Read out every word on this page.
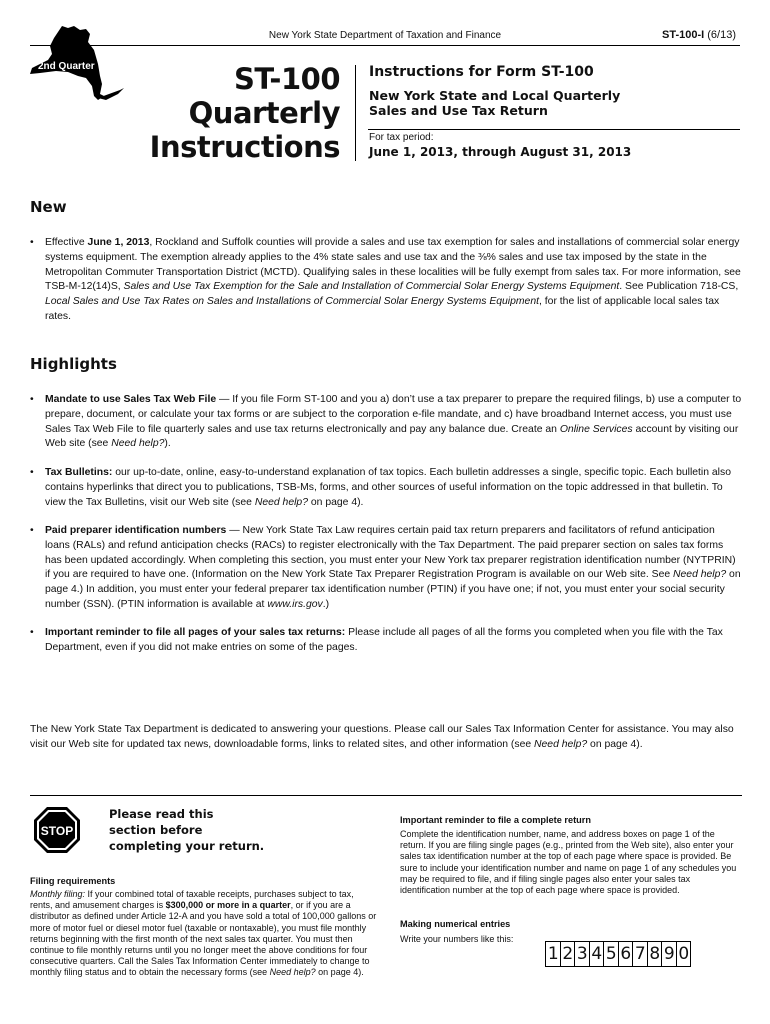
New York State Department of Taxation and Finance	ST-100-I (6/13)
2nd Quarter	ST-100
Quarterly
Instructions
Instructions for Form ST-100
New York State and Local Quarterly
Sales and Use Tax Return
For tax period:
June 1, 2013, through August 31, 2013
New
• Effective June 1, 2013, Rockland and Suffolk counties will provide a sales and use tax exemption for sales and installations of commercial solar energy systems equipment. The exemption already applies to the 4% state sales and use tax and the ⅜% sales and use tax imposed by the state in the Metropolitan Commuter Transportation District (MCTD). Qualifying sales in these localities will be fully exempt from sales tax. For more information, see TSB-M-12(14)S, Sales and Use Tax Exemption for the Sale and Installation of Commercial Solar Energy Systems Equipment. See Publication 718-CS, Local Sales and Use Tax Rates on Sales and Installations of Commercial Solar Energy Systems Equipment, for the list of applicable local sales tax rates.
Highlights
• Mandate to use Sales Tax Web File — If you file Form ST-100 and you a) don’t use a tax preparer to prepare the required filings, b) use a computer to prepare, document, or calculate your tax forms or are subject to the corporation e-file mandate, and c) have broadband Internet access, you must use Sales Tax Web File to file quarterly sales and use tax returns electronically and pay any balance due. Create an Online Services account by visiting our Web site (see Need help?).
• Tax Bulletins: our up-to-date, online, easy-to-understand explanation of tax topics. Each bulletin addresses a single, specific topic. Each bulletin also contains hyperlinks that direct you to publications, TSB-Ms, forms, and other sources of useful information on the topic addressed in that bulletin. To view the Tax Bulletins, visit our Web site (see Need help? on page 4).
• Paid preparer identification numbers — New York State Tax Law requires certain paid tax return preparers and facilitators of refund anticipation loans (RALs) and refund anticipation checks (RACs) to register electronically with the Tax Department. The paid preparer section on sales tax forms has been updated accordingly. When completing this section, you must enter your New York tax preparer registration identification number (NYTPRIN) if you are required to have one. (Information on the New York State Tax Preparer Registration Program is available on our Web site. See Need help? on page 4.) In addition, you must enter your federal preparer tax identification number (PTIN) if you have one; if not, you must enter your social security number (SSN). (PTIN information is available at www.irs.gov.)
• Important reminder to file all pages of your sales tax returns: Please include all pages of all the forms you completed when you file with the Tax Department, even if you did not make entries on some of the pages.
The New York State Tax Department is dedicated to answering your questions. Please call our Sales Tax Information Center for assistance. You may also visit our Web site for updated tax news, downloadable forms, links to related sites, and other information (see Need help? on page 4).
STOP
Please read this
section before
completing your return.
Filing requirements
Monthly filing: If your combined total of taxable receipts, purchases subject to tax, rents, and amusement charges is $300,000 or more in a quarter, or if you are a distributor as defined under Article 12-A and you have sold a total of 100,000 gallons or more of motor fuel or diesel motor fuel (taxable or nontaxable), you must file monthly returns beginning with the first month of the next sales tax quarter. You must then continue to file monthly returns until you no longer meet the above conditions for four consecutive quarters. Call the Sales Tax Information Center immediately to change to monthly filing status and to obtain the necessary forms (see Need help? on page 4).
Important reminder to file a complete return
Complete the identification number, name, and address boxes on page 1 of the return. If you are filing single pages (e.g., printed from the Web site), also enter your sales tax identification number at the top of each page where space is provided. Be sure to include your identification number and name on page 1 of any schedules you may be required to file, and if filing single pages also enter your sales tax identification number at the top of each page where space is provided.
Making numerical entries
Write your numbers like this:
1 2 3 4 5 6 7 8 9 0
